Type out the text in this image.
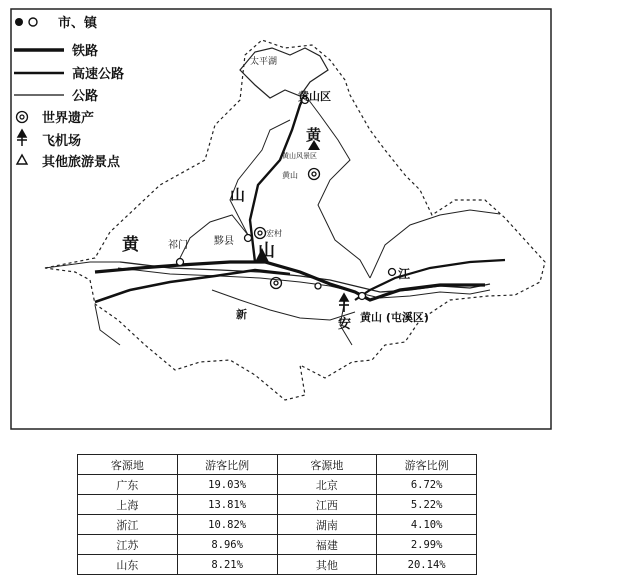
市、镇
铁路
高速公路
公路
世界遗产
飞机场
其他旅游景点
太平湖
黄山区
黄
黄山风景区
黄山
山
宏村
黟县
祁门
黄	山
新
安
江
黄山 (屯溪区)
客源地	游客比例	客源地	游客比例
广东	19.03%	北京	6.72%
上海	13.81%	江西	5.22%
浙江	10.82%	湖南	4.10%
江苏	8.96%	福建	2.99%
山东	8.21%	其他	20.14%
